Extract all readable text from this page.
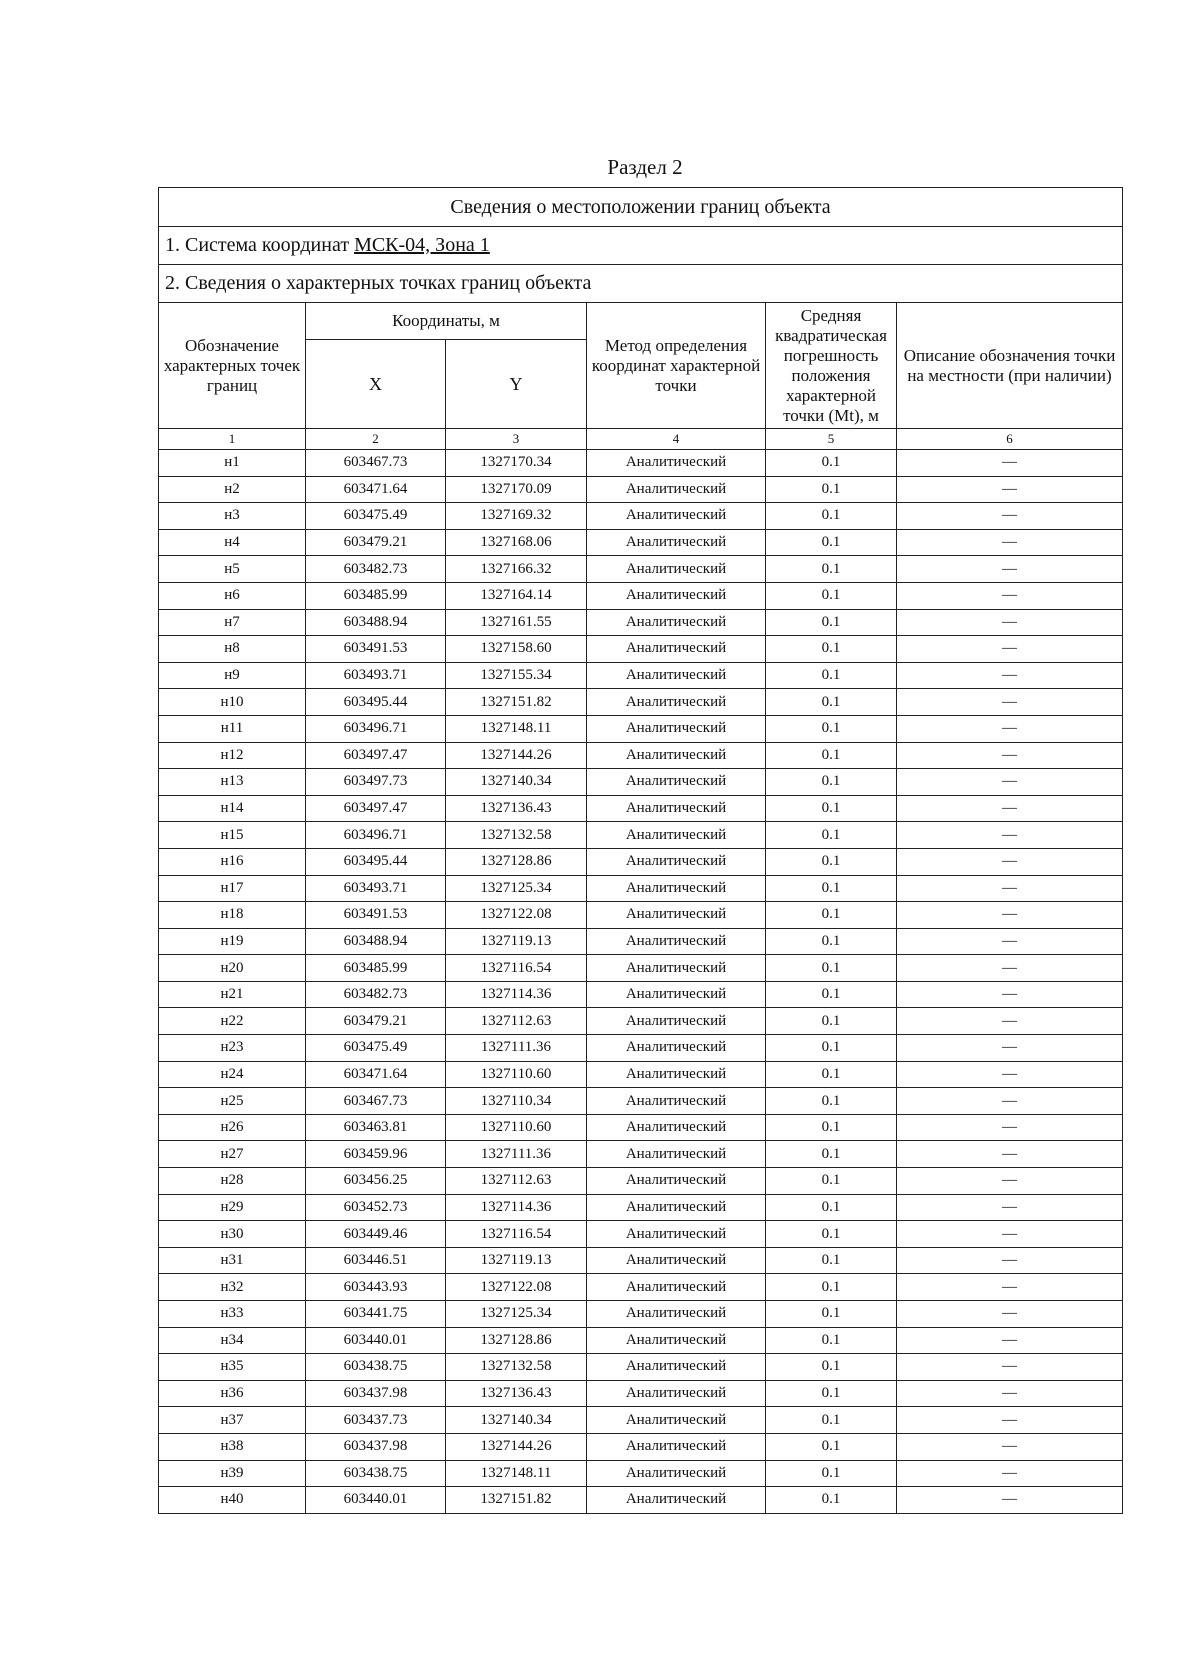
Раздел 2
Сведения о местоположении границ объекта					
1. Система координат МСК-04, Зона 1					
2. Сведения о характерных точках границ объекта					
Обозначение характерных точек границ	Координаты, м		Метод определения координат характерной точки	Средняя квадратическая погрешность положения характерной точки (Mt), м	Описание обозначения точки на местности (при наличии)
	X	Y			
1	2	3	4	5	6
н1	603467.73	1327170.34	Аналитический	0.1	—
н2	603471.64	1327170.09	Аналитический	0.1	—
н3	603475.49	1327169.32	Аналитический	0.1	—
н4	603479.21	1327168.06	Аналитический	0.1	—
н5	603482.73	1327166.32	Аналитический	0.1	—
н6	603485.99	1327164.14	Аналитический	0.1	—
н7	603488.94	1327161.55	Аналитический	0.1	—
н8	603491.53	1327158.60	Аналитический	0.1	—
н9	603493.71	1327155.34	Аналитический	0.1	—
н10	603495.44	1327151.82	Аналитический	0.1	—
н11	603496.71	1327148.11	Аналитический	0.1	—
н12	603497.47	1327144.26	Аналитический	0.1	—
н13	603497.73	1327140.34	Аналитический	0.1	—
н14	603497.47	1327136.43	Аналитический	0.1	—
н15	603496.71	1327132.58	Аналитический	0.1	—
н16	603495.44	1327128.86	Аналитический	0.1	—
н17	603493.71	1327125.34	Аналитический	0.1	—
н18	603491.53	1327122.08	Аналитический	0.1	—
н19	603488.94	1327119.13	Аналитический	0.1	—
н20	603485.99	1327116.54	Аналитический	0.1	—
н21	603482.73	1327114.36	Аналитический	0.1	—
н22	603479.21	1327112.63	Аналитический	0.1	—
н23	603475.49	1327111.36	Аналитический	0.1	—
н24	603471.64	1327110.60	Аналитический	0.1	—
н25	603467.73	1327110.34	Аналитический	0.1	—
н26	603463.81	1327110.60	Аналитический	0.1	—
н27	603459.96	1327111.36	Аналитический	0.1	—
н28	603456.25	1327112.63	Аналитический	0.1	—
н29	603452.73	1327114.36	Аналитический	0.1	—
н30	603449.46	1327116.54	Аналитический	0.1	—
н31	603446.51	1327119.13	Аналитический	0.1	—
н32	603443.93	1327122.08	Аналитический	0.1	—
н33	603441.75	1327125.34	Аналитический	0.1	—
н34	603440.01	1327128.86	Аналитический	0.1	—
н35	603438.75	1327132.58	Аналитический	0.1	—
н36	603437.98	1327136.43	Аналитический	0.1	—
н37	603437.73	1327140.34	Аналитический	0.1	—
н38	603437.98	1327144.26	Аналитический	0.1	—
н39	603438.75	1327148.11	Аналитический	0.1	—
н40	603440.01	1327151.82	Аналитический	0.1	—
